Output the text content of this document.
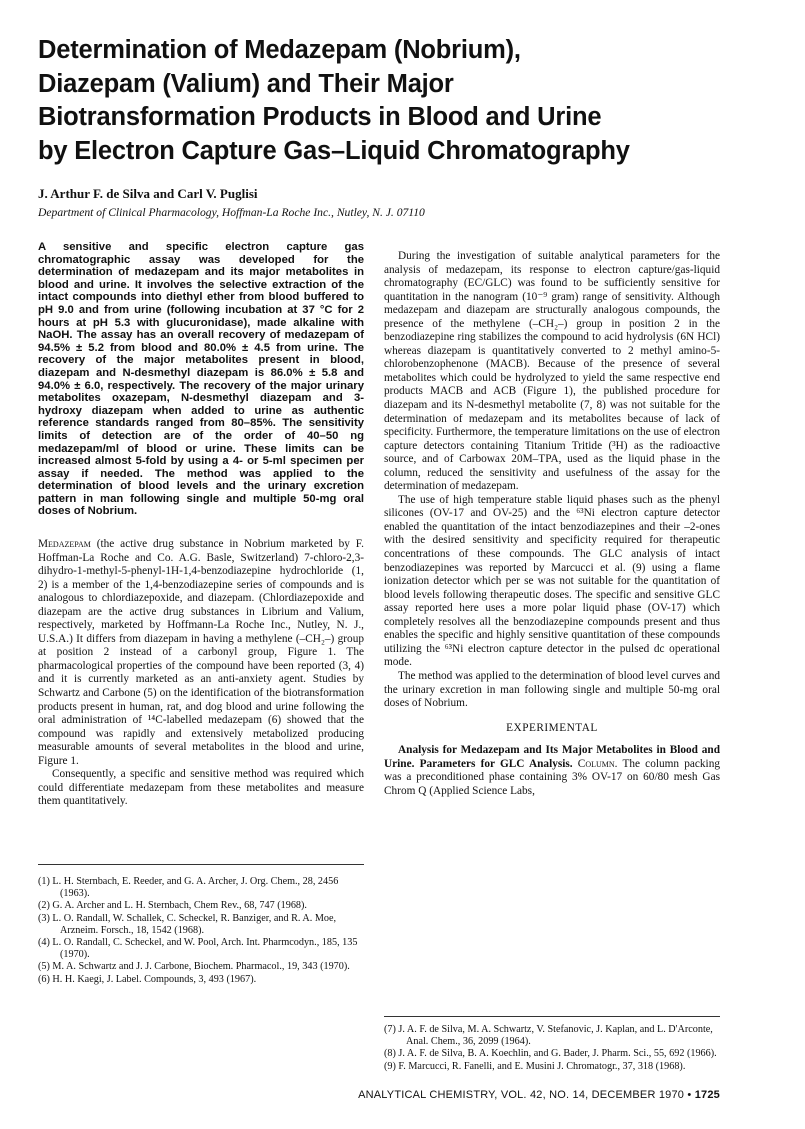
Determination of Medazepam (Nobrium),
Diazepam (Valium) and Their Major
Biotransformation Products in Blood and Urine
by Electron Capture Gas–Liquid Chromatography
J. Arthur F. de Silva and Carl V. Puglisi
Department of Clinical Pharmacology, Hoffman-La Roche Inc., Nutley, N. J. 07110
A sensitive and specific electron capture gas chromatographic assay was developed for the determination of medazepam and its major metabolites in blood and urine. It involves the selective extraction of the intact compounds into diethyl ether from blood buffered to pH 9.0 and from urine (following incubation at 37 °C for 2 hours at pH 5.3 with glucuronidase), made alkaline with NaOH. The assay has an overall recovery of medazepam of 94.5% ± 5.2 from blood and 80.0% ± 4.5 from urine. The recovery of the major metabolites present in blood, diazepam and N-desmethyl diazepam is 86.0% ± 5.8 and 94.0% ± 6.0, respectively. The recovery of the major urinary metabolites oxazepam, N-desmethyl diazepam and 3-hydroxy diazepam when added to urine as authentic reference standards ranged from 80–85%. The sensitivity limits of detection are of the order of 40–50 ng medazepam/ml of blood or urine. These limits can be increased almost 5-fold by using a 4- or 5-ml specimen per assay if needed. The method was applied to the determination of blood levels and the urinary excretion pattern in man following single and multiple 50-mg oral doses of Nobrium.

Medazepam (the active drug substance in Nobrium marketed by F. Hoffman-La Roche and Co. A.G. Basle, Switzerland) 7-chloro-2,3-dihydro-1-methyl-5-phenyl-1H-1,4-benzodiazepine hydrochloride (1, 2) is a member of the 1,4-benzodiazepine series of compounds and is analogous to chlordiazepoxide, and diazepam. (Chlordiazepoxide and diazepam are the active drug substances in Librium and Valium, respectively, marketed by Hoffmann-La Roche Inc., Nutley, N. J., U.S.A.) It differs from diazepam in having a methylene (–CH₂–) group at position 2 instead of a carbonyl group, Figure 1. The pharmacological properties of the compound have been reported (3, 4) and it is currently marketed as an anti-anxiety agent. Studies by Schwartz and Carbone (5) on the identification of the biotransformation products present in human, rat, and dog blood and urine following the oral administration of ¹⁴C-labelled medazepam (6) showed that the compound was rapidly and extensively metabolized producing measurable amounts of several metabolites in the blood and urine, Figure 1.

Consequently, a specific and sensitive method was required which could differentiate medazepam from these metabolites and measure them quantitatively.

(1) L. H. Sternbach, E. Reeder, and G. A. Archer, J. Org. Chem., 28, 2456 (1963).
(2) G. A. Archer and L. H. Sternbach, Chem Rev., 68, 747 (1968).
(3) L. O. Randall, W. Schallek, C. Scheckel, R. Banziger, and R. A. Moe, Arzneim. Forsch., 18, 1542 (1968).
(4) L. O. Randall, C. Scheckel, and W. Pool, Arch. Int. Pharmcodyn., 185, 135 (1970).
(5) M. A. Schwartz and J. J. Carbone, Biochem. Pharmacol., 19, 343 (1970).
(6) H. H. Kaegi, J. Label. Compounds, 3, 493 (1967).

During the investigation of suitable analytical parameters for the analysis of medazepam, its response to electron capture/gas-liquid chromatography (EC/GLC) was found to be sufficiently sensitive for quantitation in the nanogram (10⁻⁹ gram) range of sensitivity. Although medazepam and diazepam are structurally analogous compounds, the presence of the methylene (–CH₂–) group in position 2 in the benzodiazepine ring stabilizes the compound to acid hydrolysis (6N HCl) whereas diazepam is quantitatively converted to 2 methyl amino-5-chlorobenzophenone (MACB). Because of the presence of several metabolites which could be hydrolyzed to yield the same respective end products MACB and ACB (Figure 1), the published procedure for diazepam and its N-desmethyl metabolite (7, 8) was not suitable for the determination of medazepam and its metabolites because of lack of specificity. Furthermore, the temperature limitations on the use of electron capture detectors containing Titanium Tritide (³H) as the radioactive source, and of Carbowax 20M–TPA, used as the liquid phase in the column, reduced the sensitivity and usefulness of the assay for the determination of medazepam.

The use of high temperature stable liquid phases such as the phenyl silicones (OV-17 and OV-25) and the ⁶³Ni electron capture detector enabled the quantitation of the intact benzodiazepines and their –2-ones with the desired sensitivity and specificity required for therapeutic concentrations of these compounds. The GLC analysis of intact benzodiazepines was reported by Marcucci et al. (9) using a flame ionization detector which per se was not suitable for the quantitation of blood levels following therapeutic doses. The specific and sensitive GLC assay reported here uses a more polar liquid phase (OV-17) which completely resolves all the benzodiazepine compounds present and thus enables the specific and highly sensitive quantitation of these compounds utilizing the ⁶³Ni electron capture detector in the pulsed dc operational mode.

The method was applied to the determination of blood level curves and the urinary excretion in man following single and multiple 50-mg oral doses of Nobrium.

EXPERIMENTAL

Analysis for Medazepam and Its Major Metabolites in Blood and Urine. Parameters for GLC Analysis. Column. The column packing was a preconditioned phase containing 3% OV-17 on 60/80 mesh Gas Chrom Q (Applied Science Labs,

(7) J. A. F. de Silva, M. A. Schwartz, V. Stefanovic, J. Kaplan, and L. D'Arconte, Anal. Chem., 36, 2099 (1964).
(8) J. A. F. de Silva, B. A. Koechlin, and G. Bader, J. Pharm. Sci., 55, 692 (1966).
(9) F. Marcucci, R. Fanelli, and E. Musini J. Chromatogr., 37, 318 (1968).
ANALYTICAL CHEMISTRY, VOL. 42, NO. 14, DECEMBER 1970 • 1725
